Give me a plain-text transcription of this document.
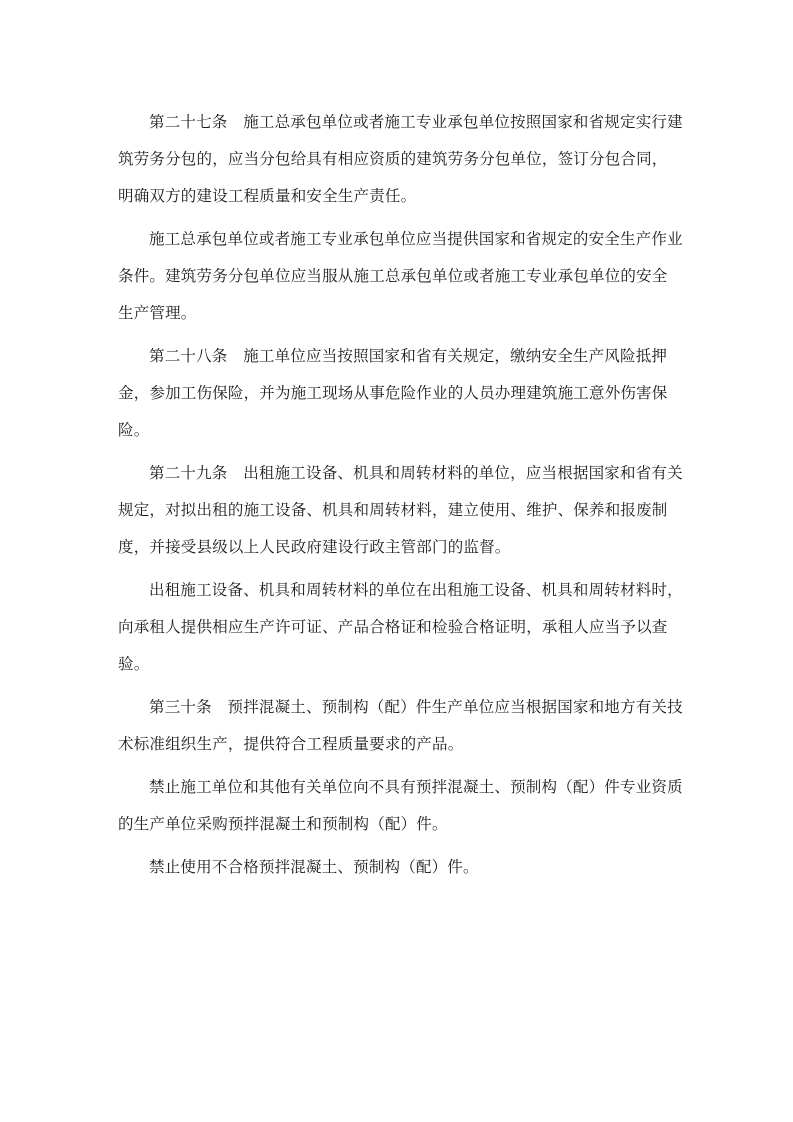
第二十七条　施工总承包单位或者施工专业承包单位按照国家和省规定实行建筑劳务分包的，应当分包给具有相应资质的建筑劳务分包单位，签订分包合同，明确双方的建设工程质量和安全生产责任。

施工总承包单位或者施工专业承包单位应当提供国家和省规定的安全生产作业条件。建筑劳务分包单位应当服从施工总承包单位或者施工专业承包单位的安全生产管理。

第二十八条　施工单位应当按照国家和省有关规定，缴纳安全生产风险抵押金，参加工伤保险，并为施工现场从事危险作业的人员办理建筑施工意外伤害保险。

第二十九条　出租施工设备、机具和周转材料的单位，应当根据国家和省有关规定，对拟出租的施工设备、机具和周转材料，建立使用、维护、保养和报废制度，并接受县级以上人民政府建设行政主管部门的监督。

出租施工设备、机具和周转材料的单位在出租施工设备、机具和周转材料时，向承租人提供相应生产许可证、产品合格证和检验合格证明，承租人应当予以查验。

第三十条　预拌混凝土、预制构（配）件生产单位应当根据国家和地方有关技术标准组织生产，提供符合工程质量要求的产品。

禁止施工单位和其他有关单位向不具有预拌混凝土、预制构（配）件专业资质的生产单位采购预拌混凝土和预制构（配）件。

禁止使用不合格预拌混凝土、预制构（配）件。
